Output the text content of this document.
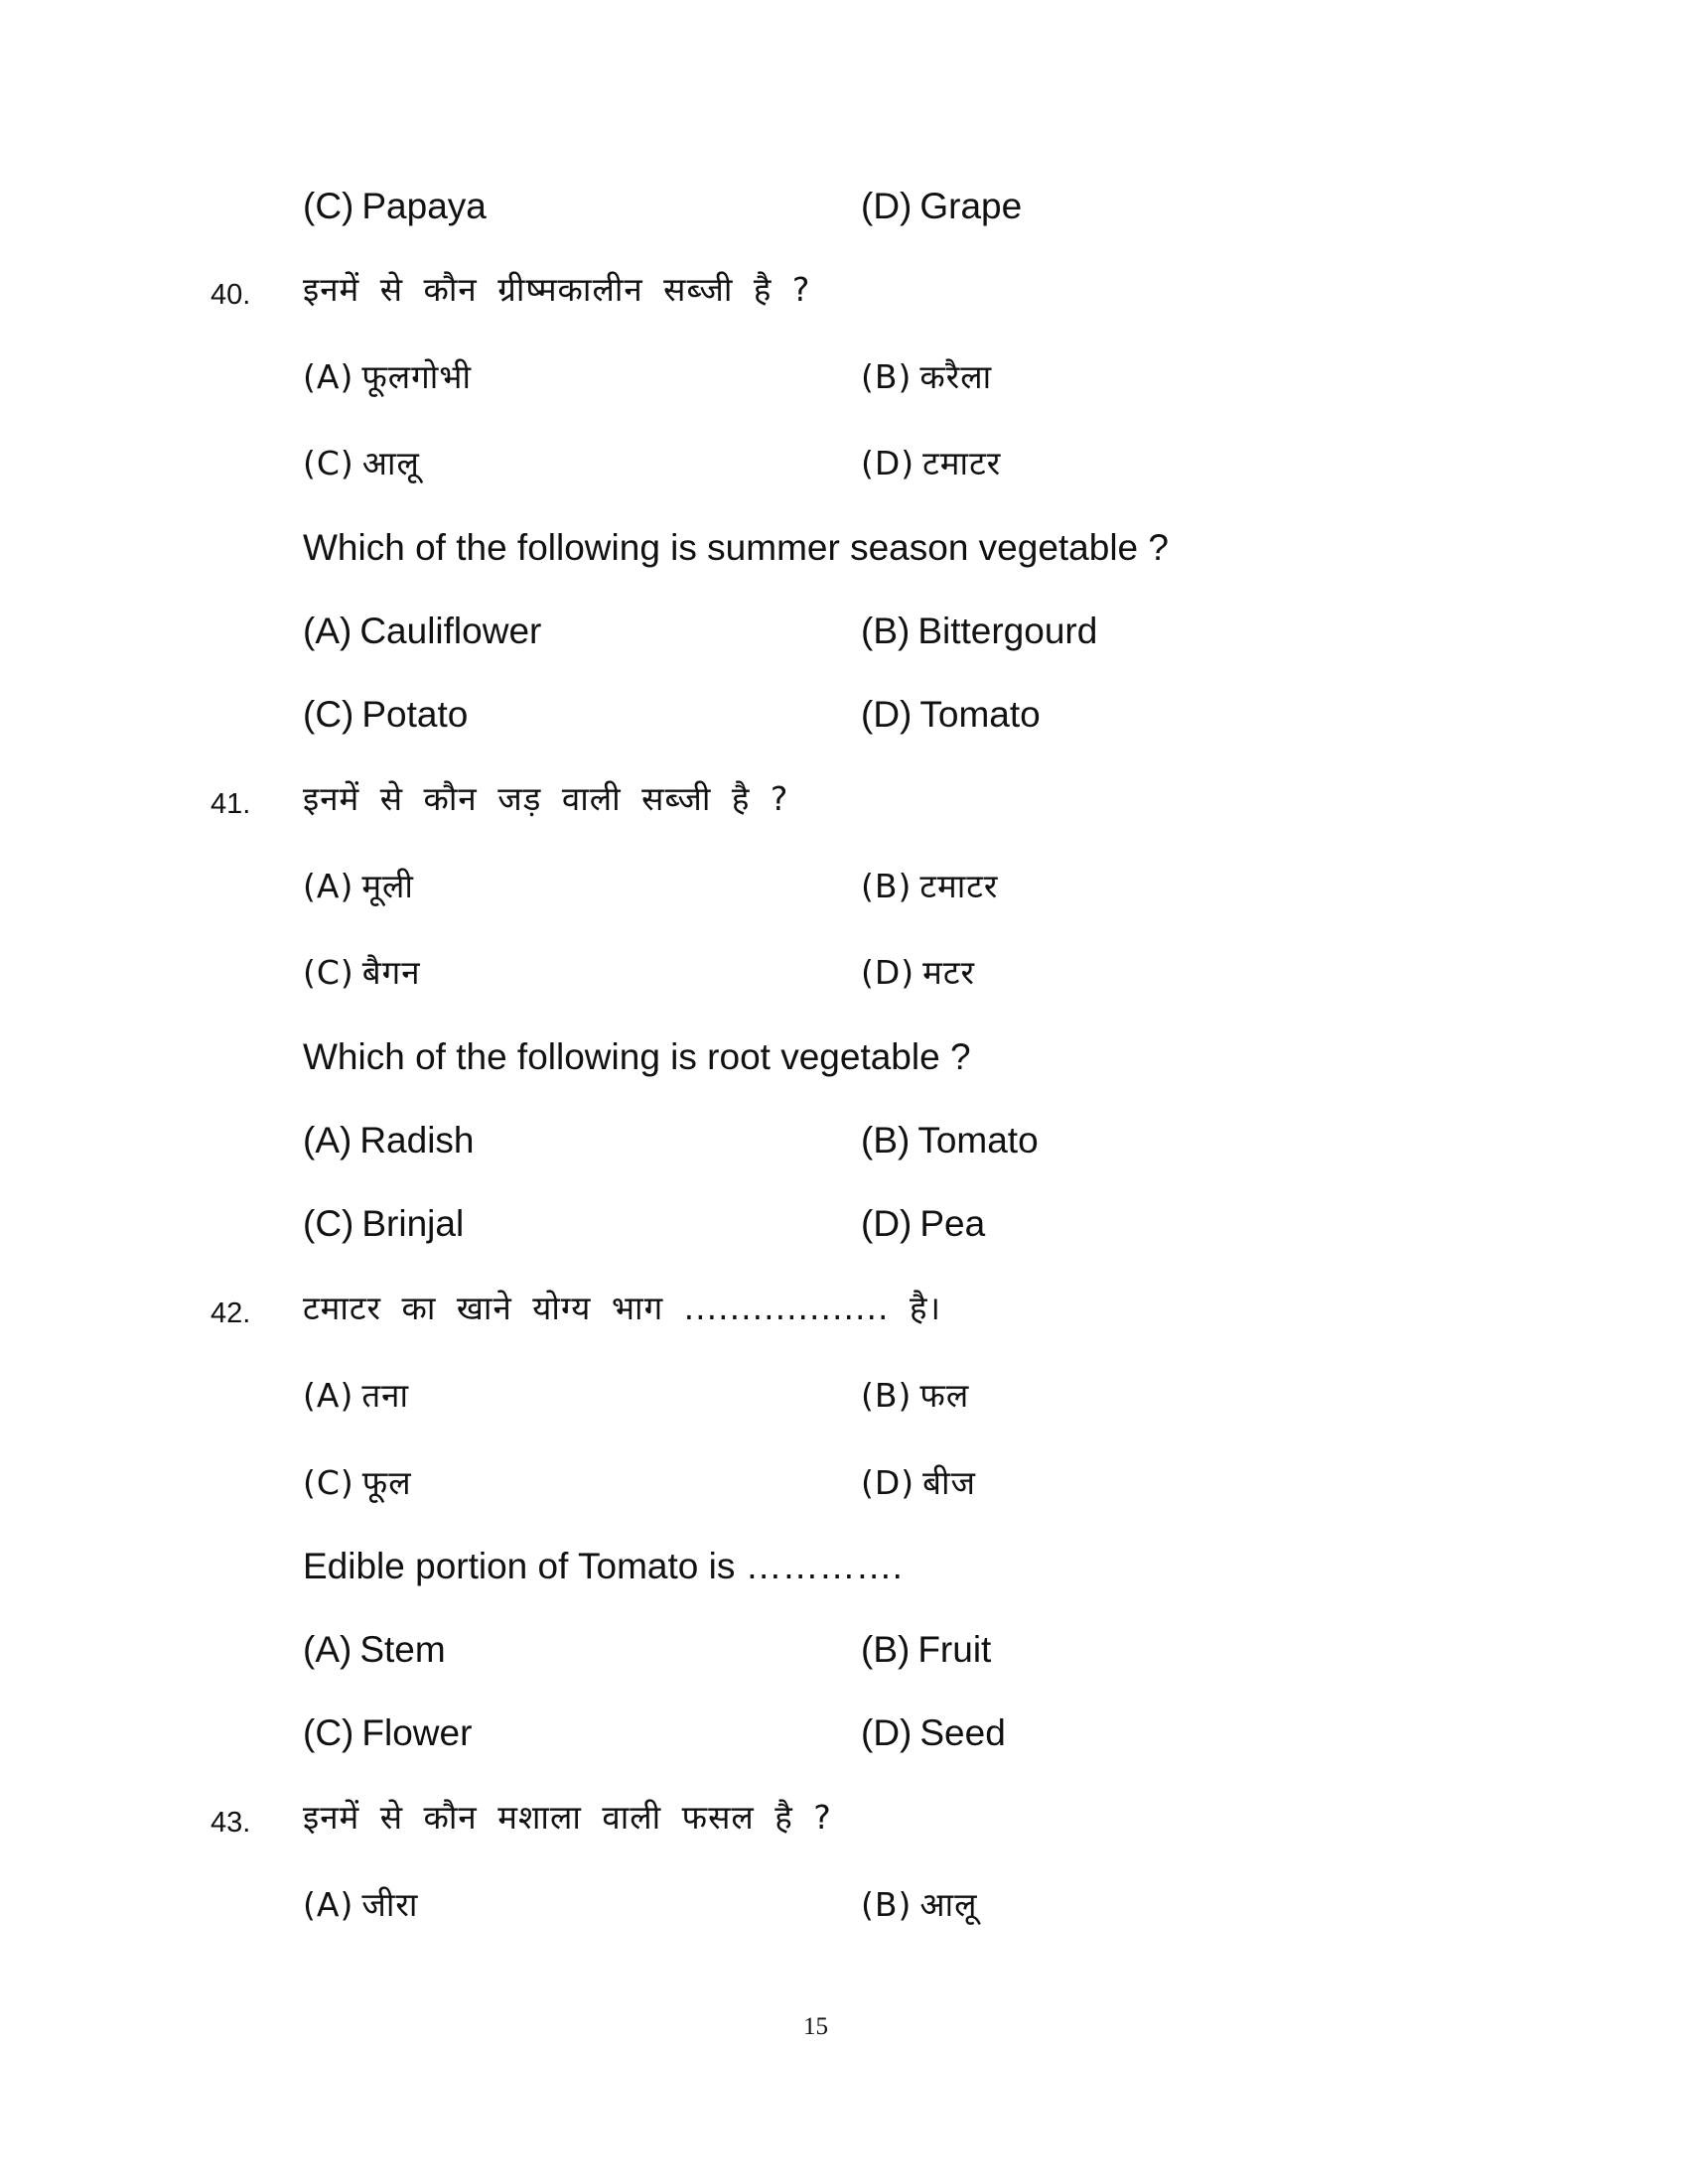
(C) Papaya	(D) Grape
40. इनमें से कौन ग्रीष्मकालीन सब्जी है ?
(A) फूलगोभी	(B) करैला
(C) आलू	(D) टमाटर
Which of the following is summer season vegetable ?
(A) Cauliflower	(B) Bittergourd
(C) Potato	(D) Tomato
41. इनमें से कौन जड़ वाली सब्जी है ?
(A) मूली	(B) टमाटर
(C) बैगन	(D) मटर
Which of the following is root vegetable ?
(A) Radish	(B) Tomato
(C) Brinjal	(D) Pea
42. टमाटर का खाने योग्य भाग .................. है।
(A) तना	(B) फल
(C) फूल	(D) बीज
Edible portion of Tomato is ………….
(A) Stem	(B) Fruit
(C) Flower	(D) Seed
43. इनमें से कौन मशाला वाली फसल है ?
(A) जीरा	(B) आलू
15
